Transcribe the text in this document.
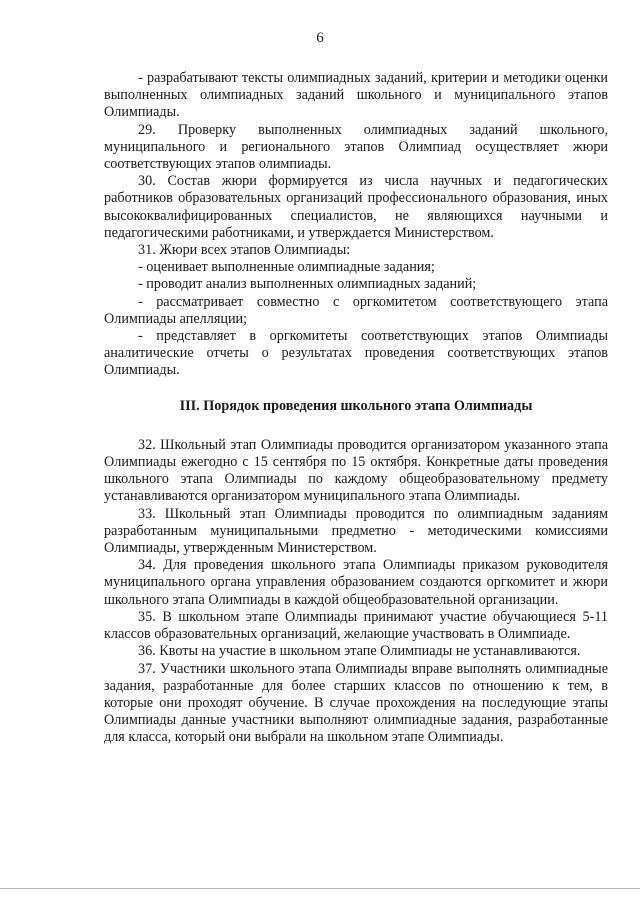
6

- разрабатывают тексты олимпиадных заданий, критерии и методики оценки выполненных олимпиадных заданий школьного и муниципального этапов Олимпиады.

29. Проверку выполненных олимпиадных заданий школьного, муниципального и регионального этапов Олимпиад осуществляет жюри соответствующих этапов олимпиады.

30. Состав жюри формируется из числа научных и педагогических работников образовательных организаций профессионального образования, иных высококвалифицированных специалистов, не являющихся научными и педагогическими работниками, и утверждается Министерством.

31. Жюри всех этапов Олимпиады:

- оценивает выполненные олимпиадные задания;

- проводит анализ выполненных олимпиадных заданий;

- рассматривает совместно с оргкомитетом соответствующего этапа Олимпиады апелляции;

- представляет в оргкомитеты соответствующих этапов Олимпиады аналитические отчеты о результатах проведения соответствующих этапов Олимпиады.

III. Порядок проведения школьного этапа Олимпиады

32. Школьный этап Олимпиады проводится организатором указанного этапа Олимпиады ежегодно с 15 сентября по 15 октября. Конкретные даты проведения школьного этапа Олимпиады по каждому общеобразовательному предмету устанавливаются организатором муниципального этапа Олимпиады.

33. Школьный этап Олимпиады проводится по олимпиадным заданиям разработанным муниципальными предметно - методическими комиссиями Олимпиады, утвержденным Министерством.

34. Для проведения школьного этапа Олимпиады приказом руководителя муниципального органа управления образованием создаются оргкомитет и жюри школьного этапа Олимпиады в каждой общеобразовательной организации.

35. В школьном этапе Олимпиады принимают участие обучающиеся 5-11 классов образовательных организаций, желающие участвовать в Олимпиаде.

36. Квоты на участие в школьном этапе Олимпиады не устанавливаются.

37. Участники школьного этапа Олимпиады вправе выполнять олимпиадные задания, разработанные для более старших классов по отношению к тем, в которые они проходят обучение. В случае прохождения на последующие этапы Олимпиады данные участники выполняют олимпиадные задания, разработанные для класса, который они выбрали на школьном этапе Олимпиады.
